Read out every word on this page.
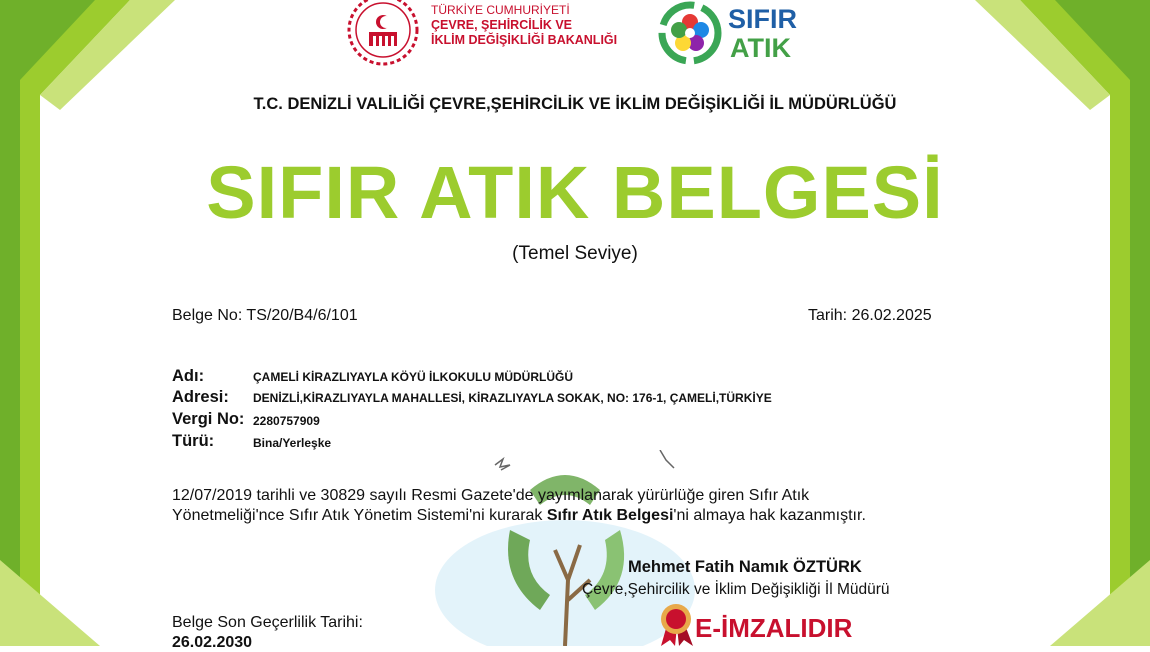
TÜRKİYE CUMHURİYETİ
ÇEVRE, ŞEHİRCİLİK VE
İKLİM DEĞİŞİKLİĞİ BAKANLIĞI
SIFIR
ATIK
T.C. DENİZLİ VALİLİĞİ ÇEVRE,ŞEHİRCİLİK VE İKLİM DEĞİŞİKLİĞİ İL MÜDÜRLÜĞÜ
SIFIR ATIK BELGESİ
(Temel Seviye)
Belge No: TS/20/B4/6/101	Tarih: 26.02.2025
Adı:	ÇAMELİ KİRAZLIYAYLA KÖYÜ İLKOKULU MÜDÜRLÜĞÜ
Adresi: DENİZLİ,KİRAZLIYAYLA MAHALLESİ, KİRAZLIYAYLA SOKAK, NO: 176-1, ÇAMELİ,TÜRKİYE
Vergi No: 2280757909
Türü:	Bina/Yerleşke
12/07/2019 tarihli ve 30829 sayılı Resmi Gazete'de yayımlanarak yürürlüğe giren Sıfır Atık
Yönetmeliği'nce Sıfır Atık Yönetim Sistemi'ni kurarak Sıfır Atık Belgesi'ni almaya hak kazanmıştır.
Mehmet Fatih Namık ÖZTÜRK
Çevre,Şehircilik ve İklim Değişikliği İl Müdürü
Belge Son Geçerlilik Tarihi:
26.02.2030	E-İMZALIDIR
